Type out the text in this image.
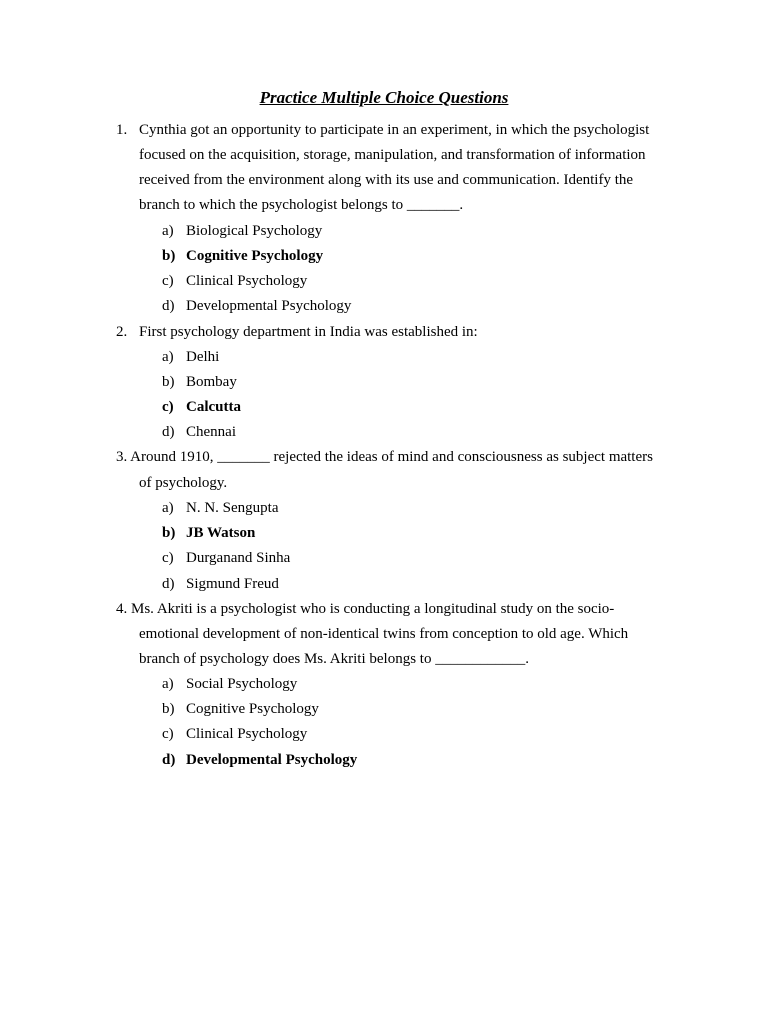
Practice Multiple Choice Questions
1. Cynthia got an opportunity to participate in an experiment, in which the psychologist
focused on the acquisition, storage, manipulation, and transformation of information
received from the environment along with its use and communication. Identify the
branch to which the psychologist belongs to _______.
a) Biological Psychology
b) Cognitive Psychology
c) Clinical Psychology
d) Developmental Psychology
2. First psychology department in India was established in:
a) Delhi
b) Bombay
c) Calcutta
d) Chennai
3. Around 1910, _______ rejected the ideas of mind and consciousness as subject matters
of psychology.
a) N. N. Sengupta
b) JB Watson
c) Durganand Sinha
d) Sigmund Freud
4. Ms. Akriti is a psychologist who is conducting a longitudinal study on the socio-
emotional development of non-identical twins from conception to old age. Which
branch of psychology does Ms. Akriti belongs to ____________.
a) Social Psychology
b) Cognitive Psychology
c) Clinical Psychology
d) Developmental Psychology
